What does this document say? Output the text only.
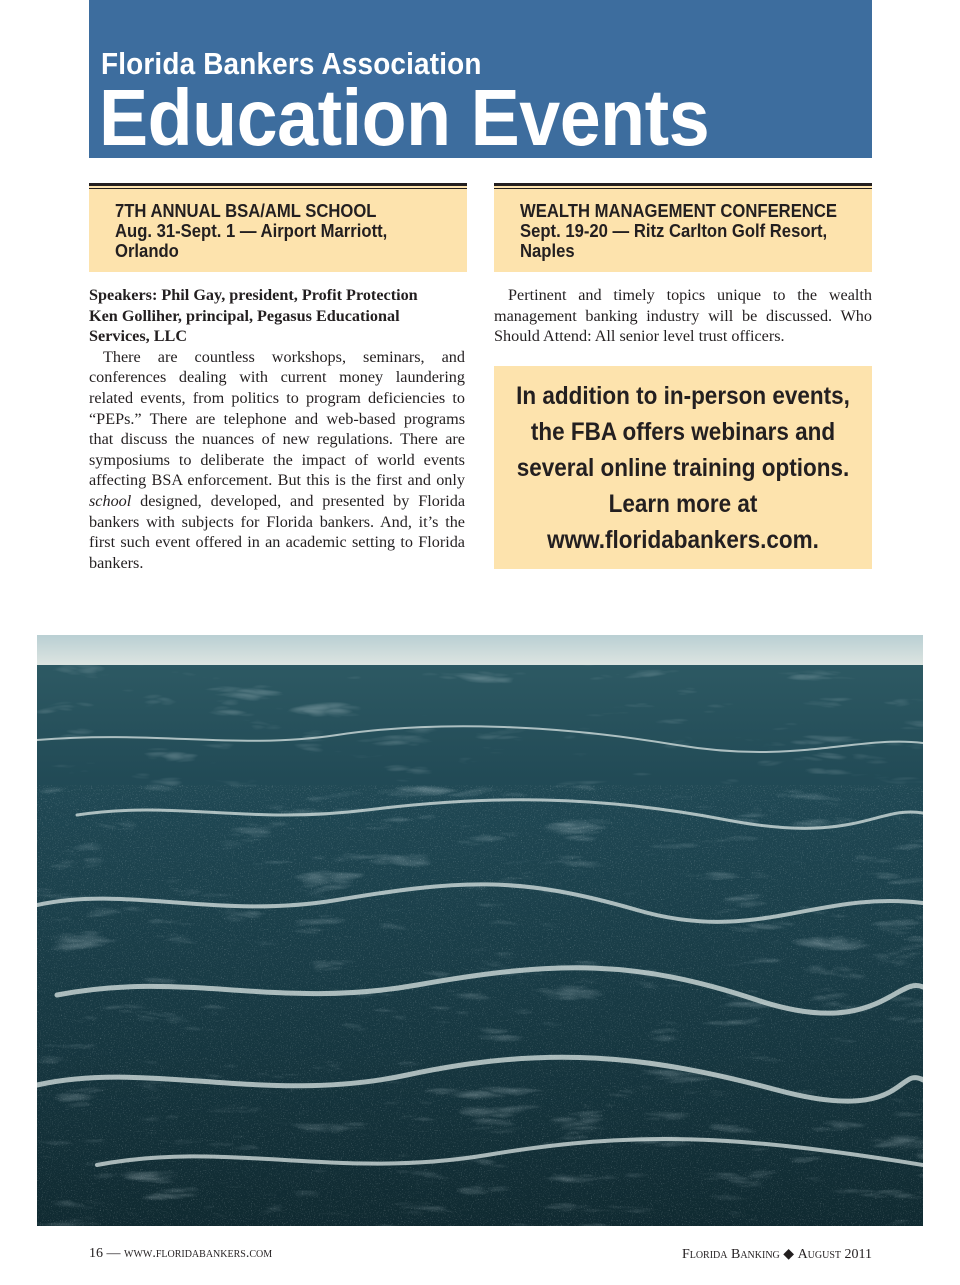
Florida Bankers Association
Education Events
7TH ANNUAL BSA/AML SCHOOL
Aug. 31-Sept. 1 — Airport Marriott,
Orlando
WEALTH MANAGEMENT CONFERENCE
Sept. 19-20 — Ritz Carlton Golf Resort,
Naples
Speakers: Phil Gay, president, Profit Protection
Ken Golliher, principal, Pegasus Educational
Services, LLC

There are countless workshops, seminars, and conferences dealing with current money laundering related events, from politics to program deficiencies to “PEPs.” There are telephone and web-based programs that discuss the nuances of new regulations. There are symposiums to deliberate the impact of world events affecting BSA enforcement. But this is the first and only school designed, developed, and presented by Florida bankers with subjects for Florida bankers. And, it’s the first such event offered in an academic setting to Florida bankers.

Pertinent and timely topics unique to the wealth management banking industry will be discussed. Who Should Attend: All senior level trust officers.

In addition to in-person events,
the FBA offers webinars and
several online training options.
Learn more at
www.floridabankers.com.
16 — www.floridabankers.com	Florida Banking ◆ August 2011
